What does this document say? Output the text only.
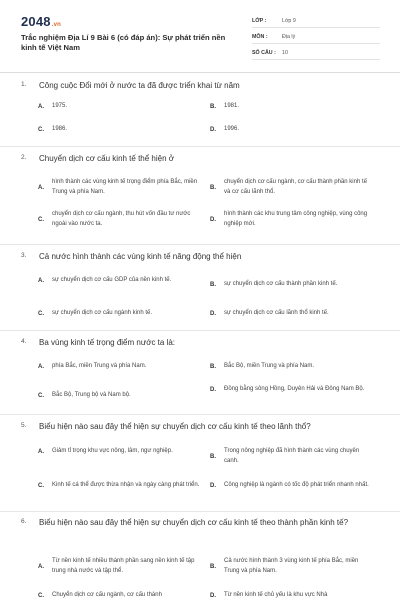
2048.vn
Trắc nghiệm Địa Lí 9 Bài 6 (có đáp án): Sự phát triển nền kinh tế Việt Nam
LỚP :	Lớp 9
MÔN :	Địa lý
SỐ CÂU :	10
1.	Công cuộc Đổi mới ở nước ta đã được triển khai từ năm
A.	1975.	B.	1981.
C.	1986.	D.	1996.
2.	Chuyển dịch cơ cấu kinh tế thể hiện ở
A.
hình thành các vùng kinh tế trọng điểm phía Bắc, miền Trung và phía Nam.
B.
chuyển dịch cơ cấu ngành, cơ cấu thành phần kinh tế và cơ cấu lãnh thổ.
C.
chuyển dịch cơ cấu ngành, thu hút vốn đầu tư nước ngoài vào nước ta.
D.
hình thành các khu trung tâm công nghiệp, vùng công nghiệp mới.
3.	Cả nước hình thành các vùng kinh tế năng động thể hiện
A.	sự chuyển dịch cơ cấu GDP của nền kinh tế.
B.	sự chuyển dịch cơ cấu thành phần kinh tế.
C.	sự chuyển dịch cơ cấu ngành kinh tế.	D.	sự chuyển dịch cơ cấu lãnh thổ kinh tế.
4.	Ba vùng kinh tế trọng điểm nước ta là:
A.	phía Bắc, miền Trung và phía Nam.	B.	Bắc Bộ, miền Trung và phía Nam.
C.	Bắc Bộ, Trung bộ và Nam bộ.
D.	Đồng bằng sông Hồng, Duyên Hải và Đông Nam Bộ.
5.	Biểu hiện nào sau đây thể hiện sự chuyển dịch cơ cấu kinh tế theo lãnh thổ?
A.	Giảm tỉ trọng khu vực nông, lâm, ngư nghiệp.
B.
Trong nông nghiệp đã hình thành các vùng chuyên canh.
C.	Kinh tế cá thể được thừa nhận và ngày càng phát triển. D.	Công nghiệp là ngành có tốc độ phát triển nhanh nhất.
6.	Biểu hiện nào sau đây thể hiện sự chuyển dịch cơ cấu kinh tế theo thành phần kinh tế?
A.
Từ nền kinh tế nhiều thành phần sang nền kinh tế tập trung nhà nước và tập thể.
B.
Cả nước hình thành 3 vùng kinh tế phía Bắc, miền Trung và phía Nam.
C.	Chuyển dịch cơ cấu ngành, cơ cấu thành	D.	Từ nền kinh tế chủ yếu là khu vực Nhà
